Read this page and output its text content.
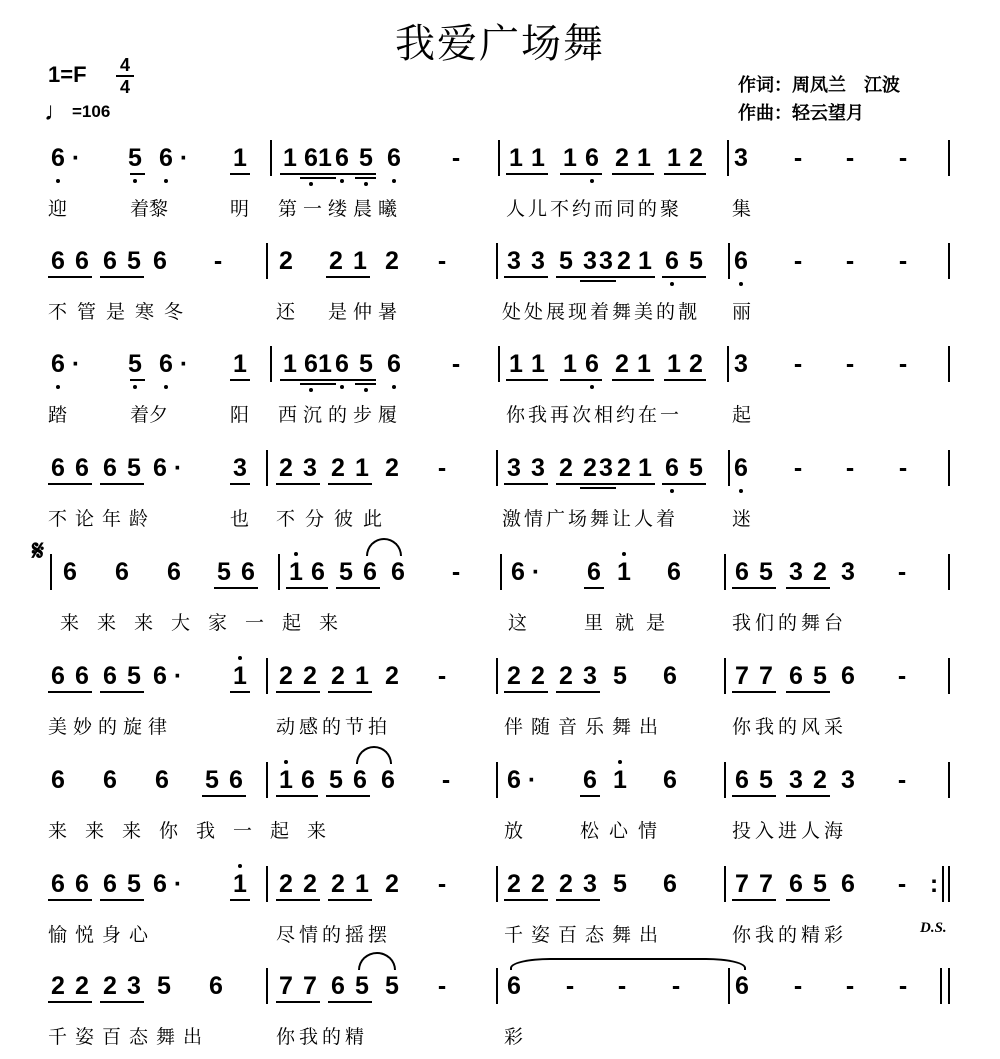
我爱广场舞
1=F 4
4
♩ =106
作词：周凤兰　江波
作曲：轻云望月
6 · 5 6 · 1 1 6 1 6 5 6 - 1 1 1 6 2 1 1 2 3 - - -
迎	着黎	明 第一缕晨曦	人儿不约而同的聚	集
6 6 6 5 6 - 2 2 1 2 - 3 3 5 3 3 2 1 6 5 6 - - -
不管是寒冬	还 是仲暑	处处展现着舞美的靓 丽
6 · 5 6 · 1 1 6 1 6 5 6 - 1 1 1 6 2 1 1 2 3 - - -
踏	着夕	阳 西沉的步履	你我再次相约在一	起
6 6 6 5 6 · 3 2 3 2 1 2 - 3 3 2 2 3 2 1 6 5 6 - - -
不论年龄	也 不分彼此	激情广场舞让人着	迷
6 6 6 5 6 1 6 5 6 6 - 6 · 6 1 6 6 5 3 2 3 -
来来来大家一起来	这	里就是	我们的舞台
𝄋
6 6 6 5 6 · 1 2 2 2 1 2 - 2 2 2 3 5 6 7 7 6 5 6 -
美妙的旋律	动感的节拍	伴随音乐舞出	你我的风采
6 6 6 5 6 1 6 5 6 6 - 6 · 6 1 6 6 5 3 2 3 -
来来来你我一起来	放	松心情	投入进人海
6 6 6 5 6 · 1 2 2 2 1 2 - 2 2 2 3 5 6 7 7 6 5 6 - :
愉悦身心	尽情的摇摆	千姿百态舞出	你我的精彩	D.S.
2 2 2 3 5 6 7 7 6 5 5 - 6 - - - 6 - - -
千姿百态舞出	你我的精	彩
